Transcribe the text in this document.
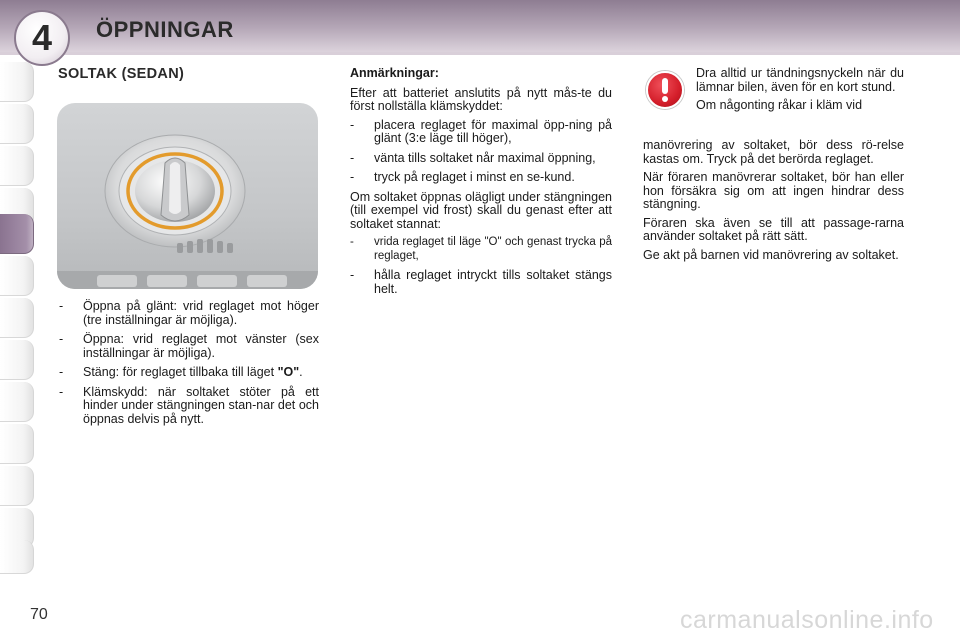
4 ÖPPNINGAR
SOLTAK (SEDAN)
-	Öppna på glänt: vrid reglaget mot höger (tre inställningar är möjliga).
-	Öppna: vrid reglaget mot vänster (sex inställningar är möjliga).
-	Stäng: för reglaget tillbaka till läget "O".
-	Klämskydd: när soltaket stöter på ett hinder under stängningen stan-nar det och öppnas delvis på nytt.
Anmärkningar:

Efter att batteriet anslutits på nytt mås-te du först nollställa klämskyddet:

-	placera reglaget för maximal öpp-ning på glänt (3:e läge till höger),
-	vänta tills soltaket når maximal öppning,
-	tryck på reglaget i minst en se-kund.

Om soltaket öppnas olägligt under stängningen (till exempel vid frost) skall du genast efter att soltaket stannat:

-	vrida reglaget til läge "O" och genast trycka på reglaget,
-	hålla reglaget intryckt tills soltaket stängs helt.

Dra alltid ur tändningsnyckeln när du lämnar bilen, även för en kort stund.

Om någonting råkar i kläm vid

manövrering av soltaket, bör dess rö-relse kastas om. Tryck på det berörda reglaget.

När föraren manövrerar soltaket, bör han eller hon försäkra sig om att ingen hindrar dess stängning.

Föraren ska även se till att passage-rarna använder soltaket på rätt sätt.

Ge akt på barnen vid manövrering av soltaket.

70	carmanualsonline.info
